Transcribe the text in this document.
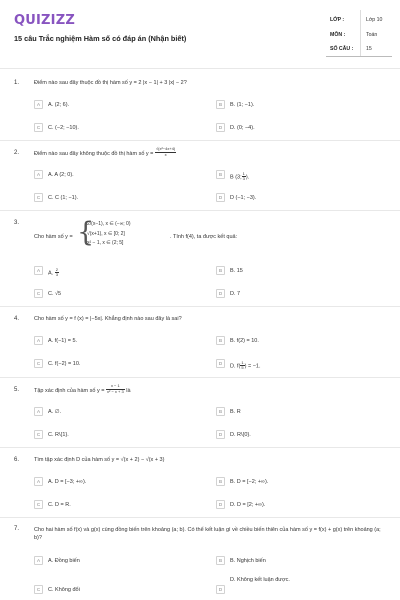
QUIZIZZ
15 câu Trắc nghiệm Hàm số có đáp án (Nhận biết)
LỚP :	Lớp 10
MÔN :	Toán
SỐ CÂU : 15
1.	Điểm nào sau đây thuộc đồ thị hàm số y = 2 |x − 1| + 3 |x| − 2?
A	A. (2; 6).	B	B. (1; −1).
C	C. (−2; −10).	D	D. (0; −4).
2.	Điểm nào sau đây không thuộc đồ thị hàm số $y = \frac{\text{√(x²−4x+4)}}{x}$
A	A. A (2; 0).	B	B (3; $\frac{1}{3}$ ).
C	C. C (1; −1).	D	D (−1; −3).
3.
Cho hàm số y = {
2/(x−1), x ∈ (−∞; 0)
√(x+1), x ∈ [0; 2]
x² − 1, x ∈ (2; 5]
. Tính f(4), ta được kết quả:
A	A. $\frac{2}{3}$	B	B. 15
C	C. √5	D	D. 7
4.	Cho hàm số y = f (x) = |−5x|. Khẳng định nào sau đây là sai?
A	A. f(−1) = 5.	B	B. f(2) = 10.
C	C. f(−2) = 10.	D	D. $f( \frac{1}{5}$ ) = −1.
5.	Tập xác định của hàm số $y = \frac{x - 1}{\text{x² − x + 3}}$ là
A	A. ∅.	B	B. R
C	C. R\{1}.	D	D. R\{0}.
6.	Tìm tập xác định D của hàm số y = √(x + 2) − √(x + 3)
A	A. D = [−3; +∞).	B	B. D = [−2; +∞).
C	C. D = R.	D	D. D = [2; +∞).
7.	Cho hai hàm số f(x) và g(x) cùng đồng biến trên khoảng (a; b). Có thể kết luận gì về chiều biến thiên của hàm số y = f(x) + g(x) trên khoảng (a; b)?
A	A. Đồng biến	B	B. Nghịch biến
C	C. Không đổi	D
D. Không kết luận được.
